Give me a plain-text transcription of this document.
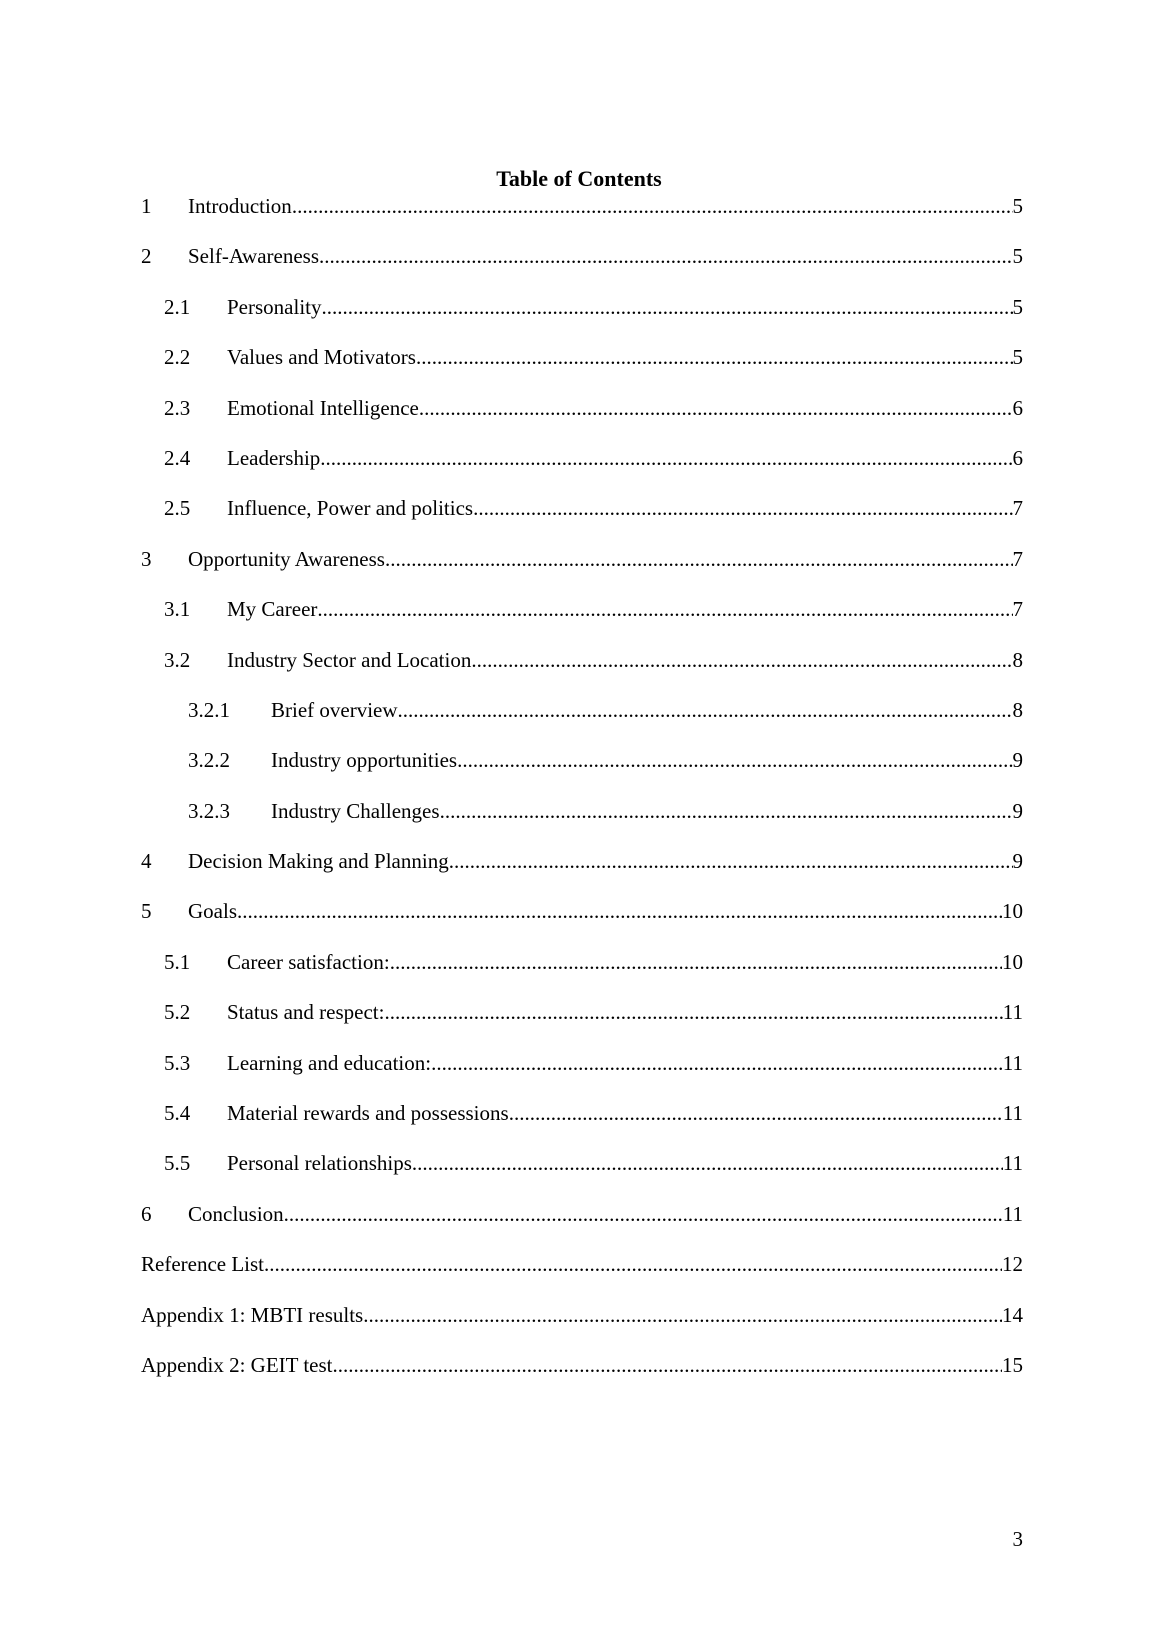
Table of Contents
1	Introduction .....	5
2	Self-Awareness .....	5
2.1	Personality .....	5
2.2	Values and Motivators .....	5
2.3	Emotional Intelligence .....	6
2.4	Leadership .....	6
2.5	Influence, Power and politics .....	7
3	Opportunity Awareness .....	7
3.1	My Career .....	7
3.2	Industry Sector and Location .....	8
3.2.1	Brief overview .....	8
3.2.2	Industry opportunities .....	9
3.2.3	Industry Challenges .....	9
4	Decision Making and Planning .....	9
5	Goals .....	10
5.1	Career satisfaction: .....	10
5.2	Status and respect: .....	11
5.3	Learning and education: .....	11
5.4	Material rewards and possessions .....	11
5.5	Personal relationships .....	11
6	Conclusion .....	11
Reference List .....	12
Appendix 1: MBTI results .....	14
Appendix 2: GEIT test .....	15
3
